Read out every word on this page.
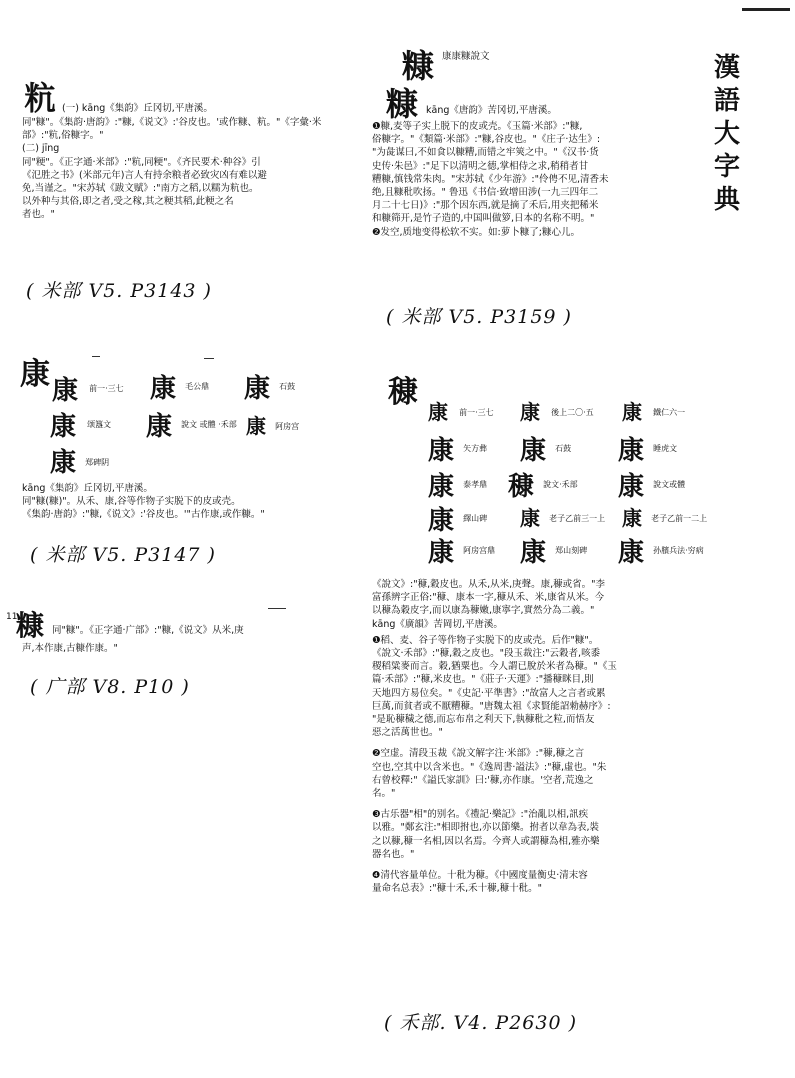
漢
語
大
字
典
粇 (一) kāng《集韵》丘冈切,平唐溪。
同"糠"。《集韵·唐韵》:"糠,《说文》:'谷皮也。'或作糠、粇。"《字彙·米
部》:"粇,俗糠字。"
(二) jīng
同"粳"。《正字通·米部》:"粇,同粳"。《齐民要术·种谷》引
《氾胜之书》(米部元年)言人有持余粮者必致灾凶有难以避
免,当谨之。"宋苏轼《跋文赋》:"南方之稻,以糯为粇也。
以外种与其俗,即之者,受之稼,其之粳其稻,此粳之名
者也。"
( 米部 V5. P3143 )
康 康 $^{前一\cdot 三七}$ 康 $^{毛公鼎}$ 康 $^{石鼓}$
康 $^{颂簋文}$ 康 $^{說文 或體 \cdot 禾部}$ 康 $^{阿房宫}$
康 $^{郑碑阴}$
kāng《集韵》丘冈切,平唐溪。
同"糠(糠)"。从禾、康,谷等作物子实脱下的皮或壳。
《集韵·唐韵》:"糠,《说文》:'谷皮也。'"古作康,或作糠。"
( 米部 V5. P3147 )
11
糠 同"糠"。《正字通·广部》:"糠,《说文》从米,庚
声,本作康,古糠作康。"
( 广部 V8. P10 )
糠 康康糠說文
糠 kāng《唐韵》苦冈切,平唐溪。
❶糠,麦等子实上脱下的皮或壳。《玉篇·米部》:"糠,
俗糠字。"《類篇·米部》:"糠,谷皮也。"《庄子·达生》:
"为彘谋曰,不如食以糠糟,而错之牢筴之中。"《汉书·货
史传·朱邑》:"足下以清明之德,掌相侍之求,稍稍者甘
糟糠,慎钱常朱肉。"宋苏轼《少年游》:"伶俜不见,清香未
绝,且糠秕吹扬。" 鲁迅《书信·致增田涉(一九三四年二
月二十七日)》:"那个因东西,就是摘了禾后,用夹把稀米
和糠筛开,是竹子造的,中国叫做箩,日本的名称不明。"
❷发空,质地变得松软不实。如:萝卜糠了;糠心儿。
( 米部 V5. P3159 )
穅
康 $^{前一\cdot 三七}$ 康 $^{後上二〇\cdot 五}$ 康 $^{鐵仁六一}$
康 $^{矢方彝}$ 康 $^{石鼓}$ 康 $^{睡虎文}$
康 $^{泰孝鼎}$ 穅 $^{說文\cdot 禾部}$ 康 $^{說文或體}$
康 $^{繹山碑}$ 康 $^{老子乙前三一上}$ 康 $^{老子乙前一二上}$
康 $^{阿房宫鼎}$ 康 $^{郑山刻碑}$ 康 $^{孙臏兵法\cdot 穷病}$
《說文》:"穅,穀皮也。从禾,从米,庚聲。康,穅或省。"李
富孫辨字正俗:"穅、康本一字,穅从禾、米,康省从米。今
以穅為穀皮字,而以康為穅嫩,康寧字,實然分為二義。"
kāng《廣韻》苦岡切,平唐溪。
❶稻、麦、谷子等作物子实脱下的皮或壳。后作"糠"。
《說文·禾部》:"穅,穀之皮也。"段玉裁注:"云穀者,咳黍
稷稻粱麥而言。穀,猶粟也。今人謂已脫於米者為穅。"《玉
篇·禾部》:"穅,米皮也。"《莊子·天運》:"播穅眯目,則
天地四方易位矣。"《史記·平準書》:"故富人之言者或累
巨萬,而貧者或不厭糟穅。"唐魏太祖《求賢能詔勑赫序》:
"是恥穅穢之德,而忘布帛之利天下,執穅秕之粒,而悟友
惡之活萬世也。"
❷空虚。清段玉裁《說文解字注·米部》:"穅,穅之言
空也,空其中以含米也。"《逸周書·謚法》:"穅,虛也。"朱
右曾校釋:"《謚氏家訓》曰:'穅,亦作康。'空者,荒逸之
名。"
❸古乐器"相"的别名。《禮記·樂記》:"治亂以相,訊疾
以雅。"鄭玄注:"相即拊也,亦以節樂。拊者以韋為表,裝
之以穅,穅一名相,因以名焉。今齊人或謂穅為相,雅亦樂
器名也。"
❹清代容量单位。十秕为穅。《中國度量衡史·清末容
量命名总表》:"穅十禾,禾十穅,穅十秕。"
( 禾部. V4. P2630 )
